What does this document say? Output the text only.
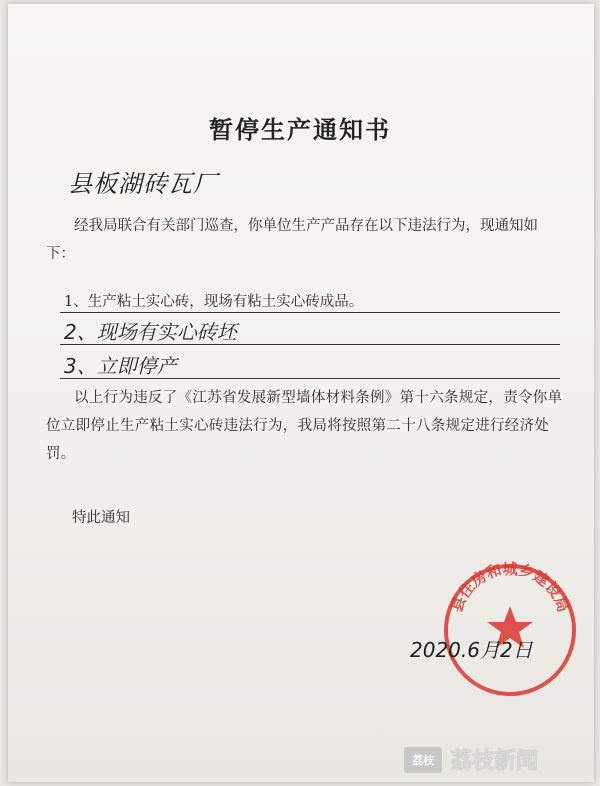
暂停生产通知书
县板湖砖瓦厂
经我局联合有关部门巡查，你单位生产产品存在以下违法行为，现通知如下：
1、生产粘土实心砖，现场有粘土实心砖成品。
2、现场有实心砖坯
3、立即停产
以上行为违反了《江苏省发展新型墙体材料条例》第十六条规定，责令你单位立即停止生产粘土实心砖违法行为，我局将按照第二十八条规定进行经济处罚。
特此通知
县住房和城乡建设局
2020.6月2日
荔枝 荔枝新闻
